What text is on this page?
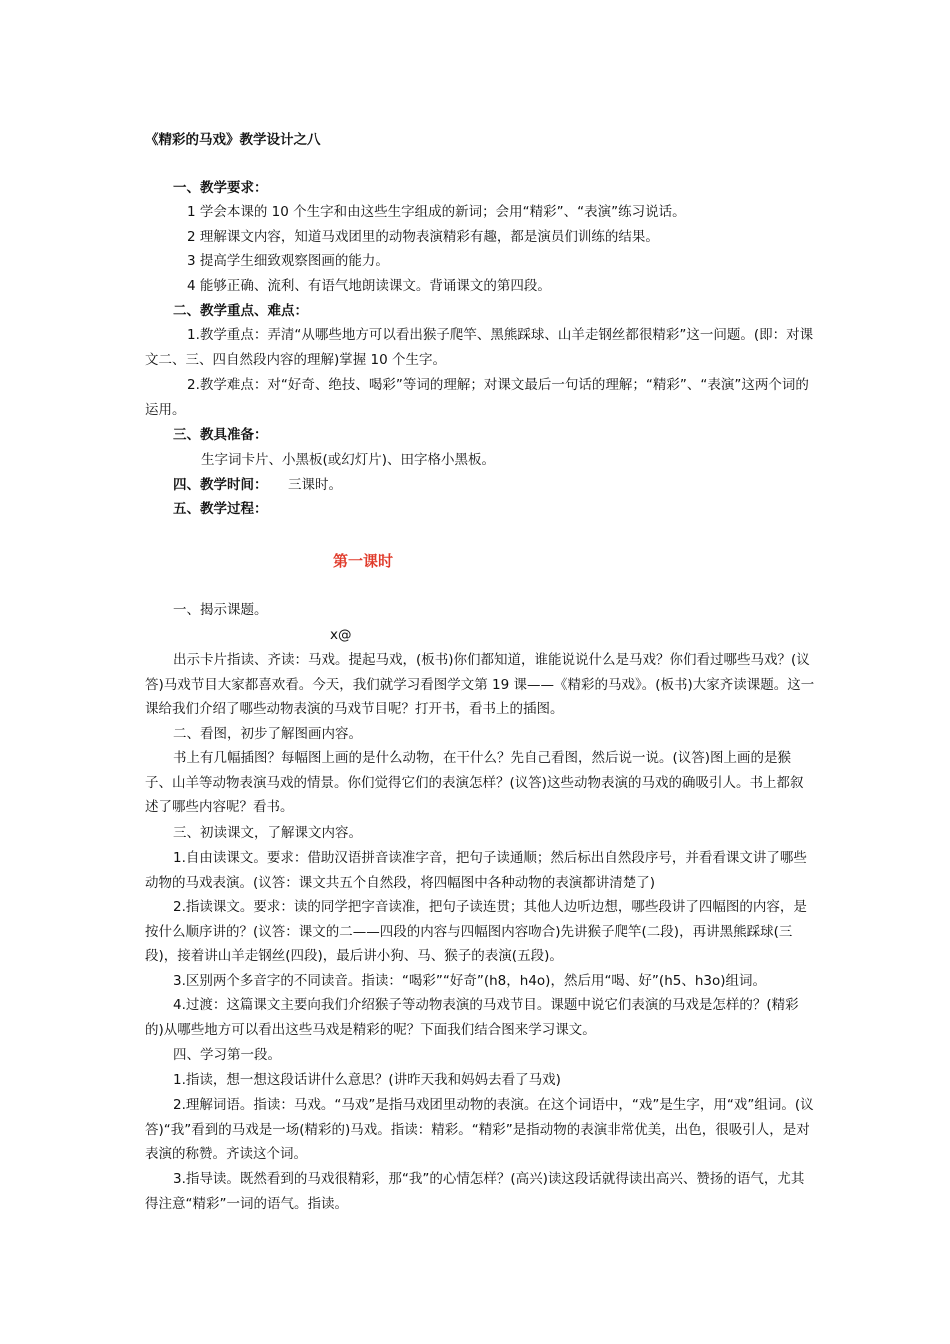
《精彩的马戏》教学设计之八
一、教学要求：
1 学会本课的 10 个生字和由这些生字组成的新词；会用“精彩”、“表演”练习说话。
2 理解课文内容，知道马戏团里的动物表演精彩有趣，都是演员们训练的结果。
3 提高学生细致观察图画的能力。
4 能够正确、流利、有语气地朗读课文。背诵课文的第四段。
二、教学重点、难点：
1.教学重点：弄清“从哪些地方可以看出猴子爬竿、黑熊踩球、山羊走钢丝都很精彩”这一问题。(即：对课文二、三、四自然段内容的理解)掌握 10 个生字。
2.教学难点：对“好奇、绝技、喝彩”等词的理解；对课文最后一句话的理解；“精彩”、“表演”这两个词的运用。
三、教具准备：
生字词卡片、小黑板(或幻灯片)、田字格小黑板。
四、教学时间：	三课时。
五、教学过程：
第一课时
一、揭示课题。
x@
出示卡片指读、齐读：马戏。提起马戏，(板书)你们都知道，谁能说说什么是马戏？你们看过哪些马戏？(议答)马戏节目大家都喜欢看。今天，我们就学习看图学文第 19 课——《精彩的马戏》。(板书)大家齐读课题。这一课给我们介绍了哪些动物表演的马戏节目呢？打开书，看书上的插图。
二、看图，初步了解图画内容。
书上有几幅插图？每幅图上画的是什么动物，在干什么？先自己看图，然后说一说。(议答)图上画的是猴子、山羊等动物表演马戏的情景。你们觉得它们的表演怎样？(议答)这些动物表演的马戏的确吸引人。书上都叙述了哪些内容呢？看书。
三、初读课文，了解课文内容。
1.自由读课文。要求：借助汉语拼音读准字音，把句子读通顺；然后标出自然段序号，并看看课文讲了哪些动物的马戏表演。(议答：课文共五个自然段，将四幅图中各种动物的表演都讲清楚了)
2.指读课文。要求：读的同学把字音读准，把句子读连贯；其他人边听边想，哪些段讲了四幅图的内容，是按什么顺序讲的？(议答：课文的二——四段的内容与四幅图内容吻合)先讲猴子爬竿(二段)，再讲黑熊踩球(三段)，接着讲山羊走钢丝(四段)，最后讲小狗、马、猴子的表演(五段)。
3.区别两个多音字的不同读音。指读：“喝彩”“好奇”(h8，h4o)，然后用“喝、好”(h5、h3o)组词。
4.过渡：这篇课文主要向我们介绍猴子等动物表演的马戏节目。课题中说它们表演的马戏是怎样的？(精彩的)从哪些地方可以看出这些马戏是精彩的呢？下面我们结合图来学习课文。
四、学习第一段。
1.指读，想一想这段话讲什么意思？(讲昨天我和妈妈去看了马戏)
2.理解词语。指读：马戏。“马戏”是指马戏团里动物的表演。在这个词语中，“戏”是生字，用“戏”组词。(议答)“我”看到的马戏是一场(精彩的)马戏。指读：精彩。“精彩”是指动物的表演非常优美，出色，很吸引人，是对表演的称赞。齐读这个词。
3.指导读。既然看到的马戏很精彩，那“我”的心情怎样？(高兴)读这段话就得读出高兴、赞扬的语气，尤其得注意“精彩”一词的语气。指读。
